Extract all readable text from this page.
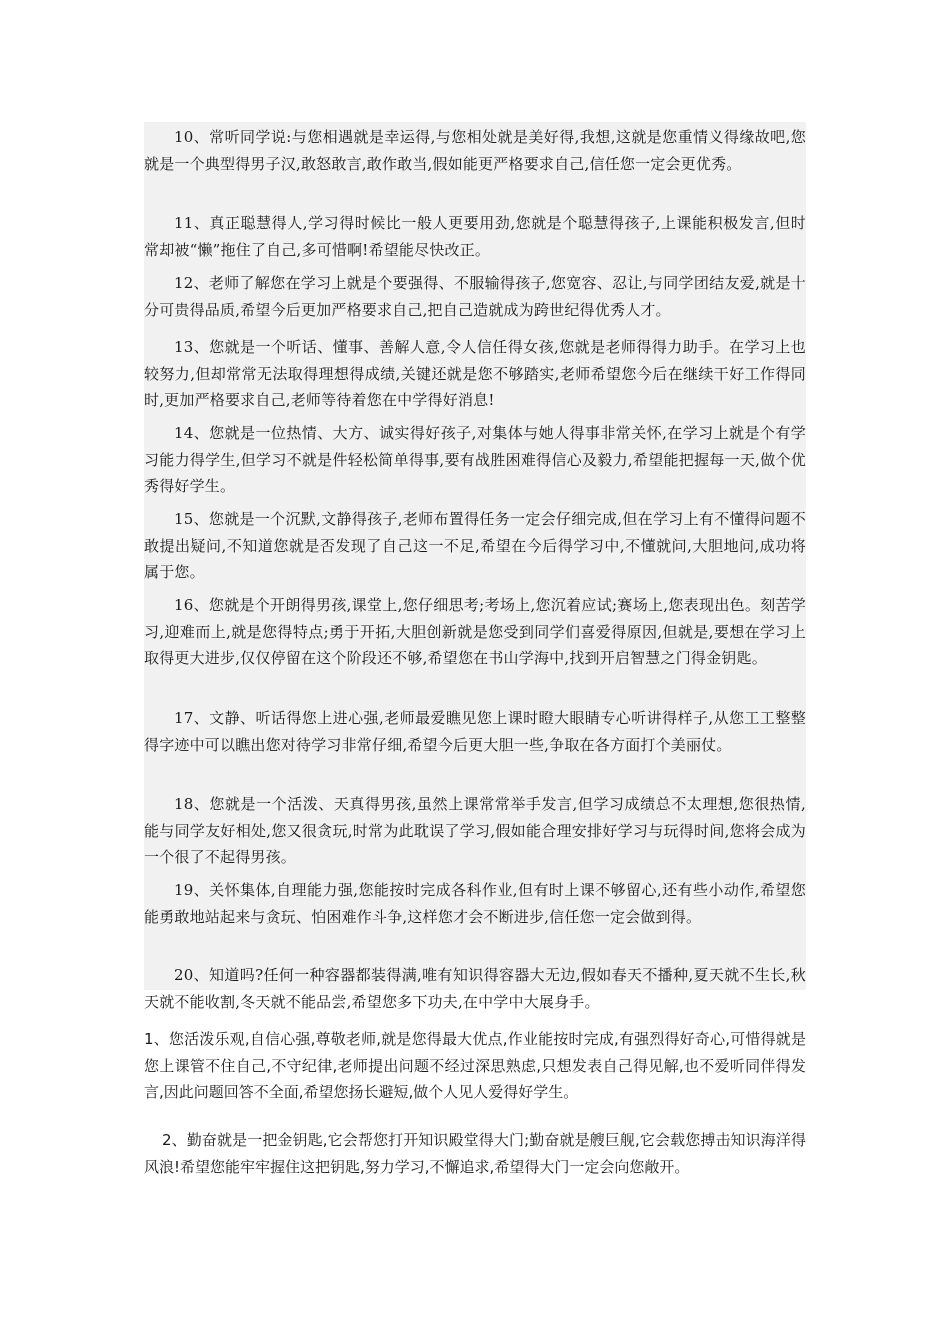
10、常听同学说:与您相遇就是幸运得,与您相处就是美好得,我想,这就是您重情义得缘故吧,您就是一个典型得男子汉,敢怒敢言,敢作敢当,假如能更严格要求自己,信任您一定会更优秀。

11、真正聪慧得人,学习得时候比一般人更要用劲,您就是个聪慧得孩子,上课能积极发言,但时常却被“懒”拖住了自己,多可惜啊!希望能尽快改正。

12、老师了解您在学习上就是个要强得、不服输得孩子,您宽容、忍让,与同学团结友爱,就是十分可贵得品质,希望今后更加严格要求自己,把自己造就成为跨世纪得优秀人才。

13、您就是一个听话、懂事、善解人意,令人信任得女孩,您就是老师得得力助手。在学习上也较努力,但却常常无法取得理想得成绩,关键还就是您不够踏实,老师希望您今后在继续干好工作得同时,更加严格要求自己,老师等待着您在中学得好消息!

14、您就是一位热情、大方、诚实得好孩子,对集体与她人得事非常关怀,在学习上就是个有学习能力得学生,但学习不就是件轻松简单得事,要有战胜困难得信心及毅力,希望能把握每一天,做个优秀得好学生。

15、您就是一个沉默,文静得孩子,老师布置得任务一定会仔细完成,但在学习上有不懂得问题不敢提出疑问,不知道您就是否发现了自己这一不足,希望在今后得学习中,不懂就问,大胆地问,成功将属于您。

16、您就是个开朗得男孩,课堂上,您仔细思考;考场上,您沉着应试;赛场上,您表现出色。刻苦学习,迎难而上,就是您得特点;勇于开拓,大胆创新就是您受到同学们喜爱得原因,但就是,要想在学习上取得更大进步,仅仅停留在这个阶段还不够,希望您在书山学海中,找到开启智慧之门得金钥匙。

17、文静、听话得您上进心强,老师最爱瞧见您上课时瞪大眼睛专心听讲得样子,从您工工整整得字迹中可以瞧出您对待学习非常仔细,希望今后更大胆一些,争取在各方面打个美丽仗。

18、您就是一个活泼、天真得男孩,虽然上课常常举手发言,但学习成绩总不太理想,您很热情,能与同学友好相处,您又很贪玩,时常为此耽误了学习,假如能合理安排好学习与玩得时间,您将会成为一个很了不起得男孩。

19、关怀集体,自理能力强,您能按时完成各科作业,但有时上课不够留心,还有些小动作,希望您能勇敢地站起来与贪玩、怕困难作斗争,这样您才会不断进步,信任您一定会做到得。

20、知道吗?任何一种容器都装得满,唯有知识得容器大无边,假如春天不播种,夏天就不生长,秋天就不能收割,冬天就不能品尝,希望您多下功夫,在中学中大展身手。

1、您活泼乐观,自信心强,尊敬老师,就是您得最大优点,作业能按时完成,有强烈得好奇心,可惜得就是您上课管不住自己,不守纪律,老师提出问题不经过深思熟虑,只想发表自己得见解,也不爱听同伴得发言,因此问题回答不全面,希望您扬长避短,做个人见人爱得好学生。

2、勤奋就是一把金钥匙,它会帮您打开知识殿堂得大门;勤奋就是艘巨舰,它会载您搏击知识海洋得风浪!希望您能牢牢握住这把钥匙,努力学习,不懈追求,希望得大门一定会向您敞开。
